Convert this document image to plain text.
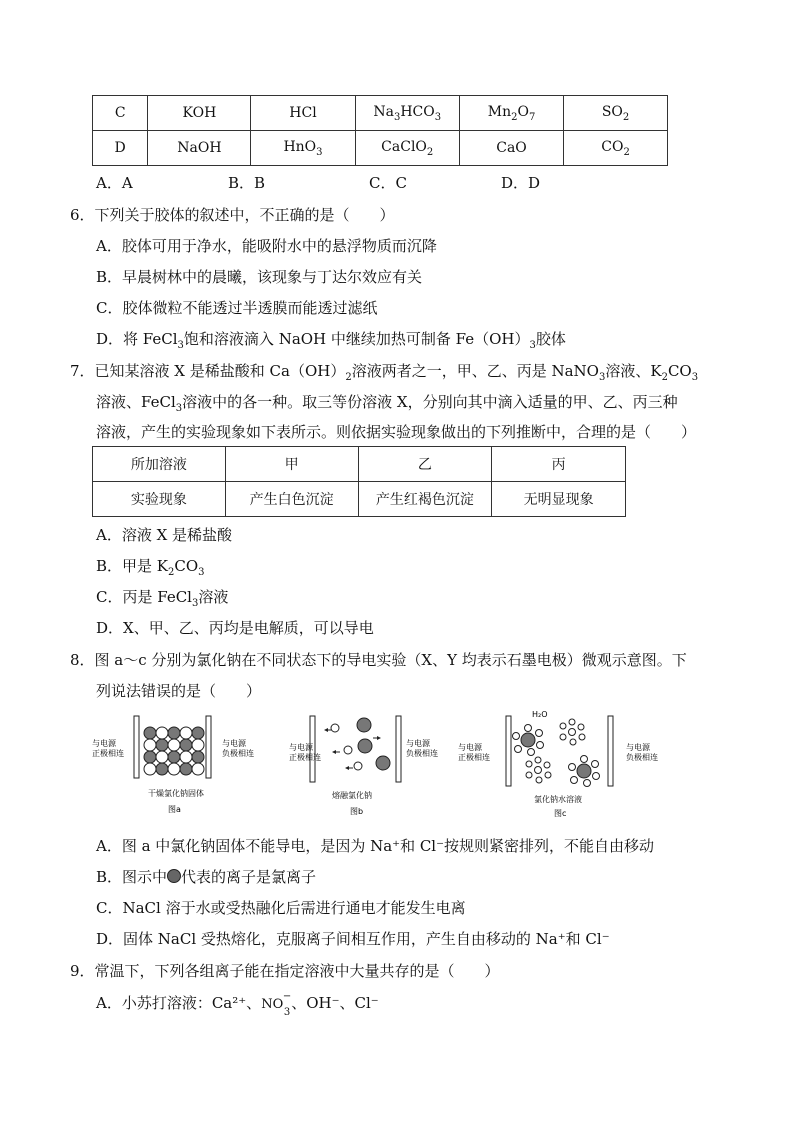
C	KOH	HCl	$Na_3HCO_3$	$Mn_2O_7$	$SO_2$
D	NaOH	HnO$_3$	CaClO$_2$	CaO	$CO_2$
A．A	B．B	C．C	D．D
6．下列关于胶体的叙述中，不正确的是（　　）
A．胶体可用于净水，能吸附水中的悬浮物质而沉降
B．早晨树林中的晨曦，该现象与丁达尔效应有关
C．胶体微粒不能透过半透膜而能透过滤纸
D．将 FeCl$_3$饱和溶液滴入 NaOH 中继续加热可制备 $Fe(OH)_3$胶体
7．已知某溶液 X 是稀盐酸和 $Ca(OH)_2$溶液两者之一，甲、乙、丙是 NaNO$_3$溶液、$K_2CO_3$
溶液、FeCl$_3$溶液中的各一种。取三等份溶液 X，分别向其中滴入适量的甲、乙、丙三种
溶液，产生的实验现象如下表所示。则依据实验现象做出的下列推断中，合理的是（　　）
所加溶液	甲	乙	丙
实验现象	产生白色沉淀	产生红褐色沉淀	无明显现象
A．溶液 X 是稀盐酸
B．甲是 $K_2CO_3$
C．丙是 FeCl$_3$溶液
D．X、甲、乙、丙均是电解质，可以导电
8．图 a～c 分别为氯化钠在不同状态下的导电实验（X、Y 均表示石墨电极）微观示意图。下
列说法错误的是（　　）
与电源
正极相连
与电源
负极相连
干燥氯化钠固体
图a
与电源
正极相连
与电源
负极相连
熔融氯化钠
图b
H₂O
与电源
正极相连
与电源
负极相连
氯化钠水溶液
图c
A．图 a 中氯化钠固体不能导电，是因为 Na⁺和 Cl⁻按规则紧密排列，不能自由移动
B．图示中 代表的离子是氯离子
C．NaCl 溶于水或受热融化后需进行通电才能发生电离
D．固体 NaCl 受热熔化，克服离子间相互作用，产生自由移动的 Na⁺和 Cl⁻
9．常温下，下列各组离子能在指定溶液中大量共存的是（　　）
A．小苏打溶液：Ca²⁺、NO
3
− 、OH⁻、Cl⁻
